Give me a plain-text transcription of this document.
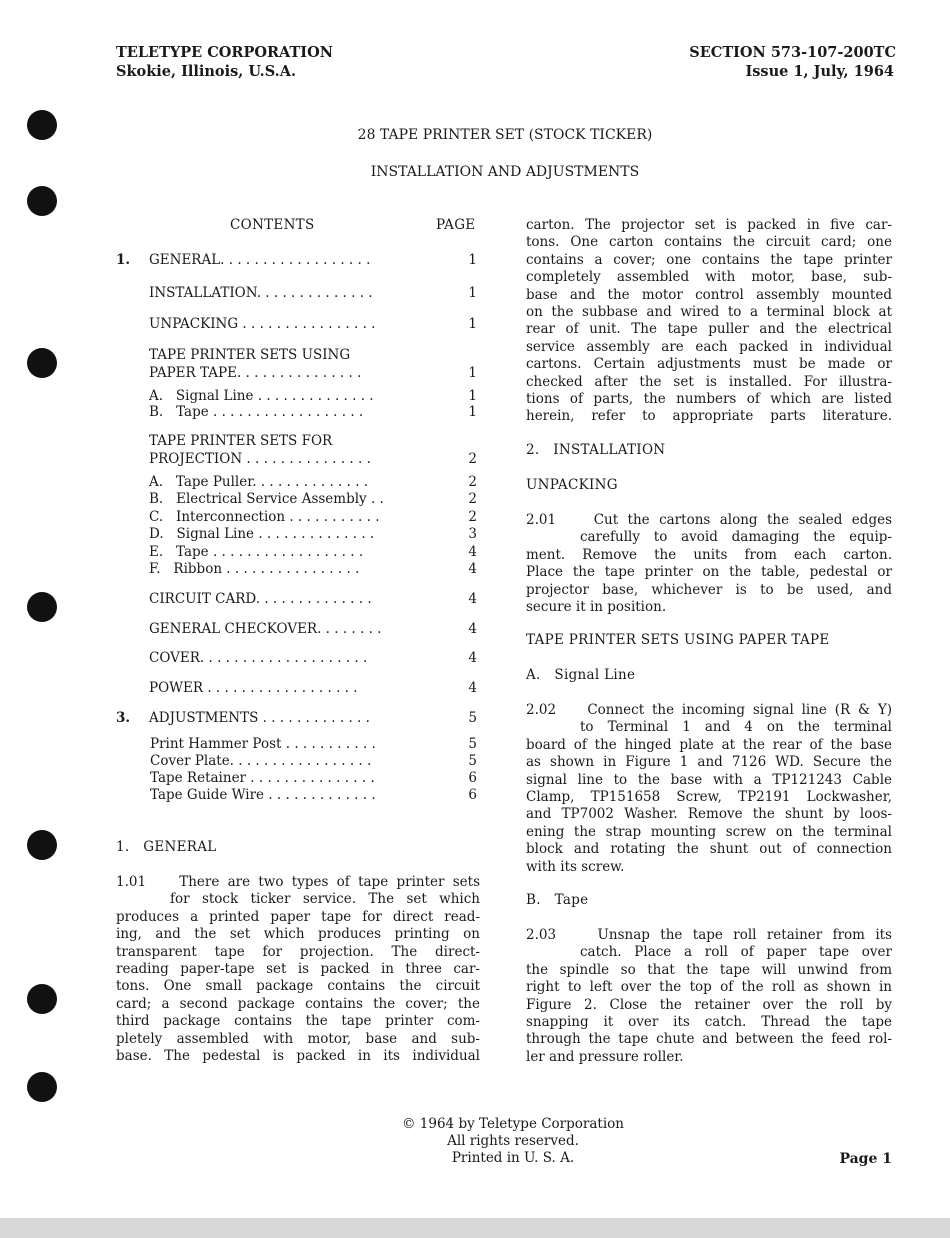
TELETYPE CORPORATION
Skokie, Illinois, U.S.A.
SECTION 573-107-200TC
Issue 1, July, 1964
28 TAPE PRINTER SET (STOCK TICKER)
INSTALLATION AND ADJUSTMENTS
CONTENTS	PAGE
1. GENERAL. . . . . . . . . . . . . . . . . .	1
INSTALLATION. . . . . . . . . . . . . .	1
UNPACKING . . . . . . . . . . . . . . . .	1
TAPE PRINTER SETS USING
PAPER TAPE. . . . . . . . . . . . . . .	1
A.   Signal Line . . . . . . . . . . . . . .	1
B.   Tape . . . . . . . . . . . . . . . . . .	1
TAPE PRINTER SETS FOR
PROJECTION . . . . . . . . . . . . . . .	2
A.   Tape Puller. . . . . . . . . . . . . .	2
B.   Electrical Service Assembly . .	2
C.   Interconnection . . . . . . . . . . .	2
D.   Signal Line . . . . . . . . . . . . . .	3
E.   Tape . . . . . . . . . . . . . . . . . .	4
F.   Ribbon . . . . . . . . . . . . . . . .	4
CIRCUIT CARD. . . . . . . . . . . . . .	4
GENERAL CHECKOVER. . . . . . . .	4
COVER. . . . . . . . . . . . . . . . . . . .	4
POWER . . . . . . . . . . . . . . . . . .	4
3. ADJUSTMENTS . . . . . . . . . . . . .	5
Print Hammer Post . . . . . . . . . . .	5
Cover Plate. . . . . . . . . . . . . . . . .	5
Tape Retainer . . . . . . . . . . . . . . .	6
Tape Guide Wire . . . . . . . . . . . . .	6
1.   GENERAL
1.01    There are two types of tape printer sets
for stock ticker service. The set which
produces a printed paper tape for direct read-
ing, and the set which produces printing on
transparent tape for projection. The direct-
reading paper-tape set is packed in three car-
tons. One small package contains the circuit
card; a second package contains the cover; the
third package contains the tape printer com-
pletely assembled with motor, base and sub-
base. The pedestal is packed in its individual
carton. The projector set is packed in five car-
tons. One carton contains the circuit card; one
contains a cover; one contains the tape printer
completely assembled with motor, base, sub-
base and the motor control assembly mounted
on the subbase and wired to a terminal block at
rear of unit. The tape puller and the electrical
service assembly are each packed in individual
cartons. Certain adjustments must be made or
checked after the set is installed. For illustra-
tions of parts, the numbers of which are listed
herein, refer to appropriate parts literature.
2.   INSTALLATION
UNPACKING
2.01    Cut the cartons along the sealed edges
carefully to avoid damaging the equip-
ment. Remove the units from each carton.
Place the tape printer on the table, pedestal or
projector base, whichever is to be used, and
secure it in position.
TAPE PRINTER SETS USING PAPER TAPE
A.   Signal Line
2.02    Connect the incoming signal line (R & Y)
to Terminal 1 and 4 on the terminal
board of the hinged plate at the rear of the base
as shown in Figure 1 and 7126 WD. Secure the
signal line to the base with a TP121243 Cable
Clamp, TP151658 Screw, TP2191 Lockwasher,
and TP7002 Washer. Remove the shunt by loos-
ening the strap mounting screw on the terminal
block and rotating the shunt out of connection
with its screw.
B.   Tape
2.03    Unsnap the tape roll retainer from its
catch. Place a roll of paper tape over
the spindle so that the tape will unwind from
right to left over the top of the roll as shown in
Figure 2. Close the retainer over the roll by
snapping it over its catch. Thread the tape
through the tape chute and between the feed rol-
ler and pressure roller.
© 1964 by Teletype Corporation
All rights reserved.
Printed in U. S. A.	Page 1
